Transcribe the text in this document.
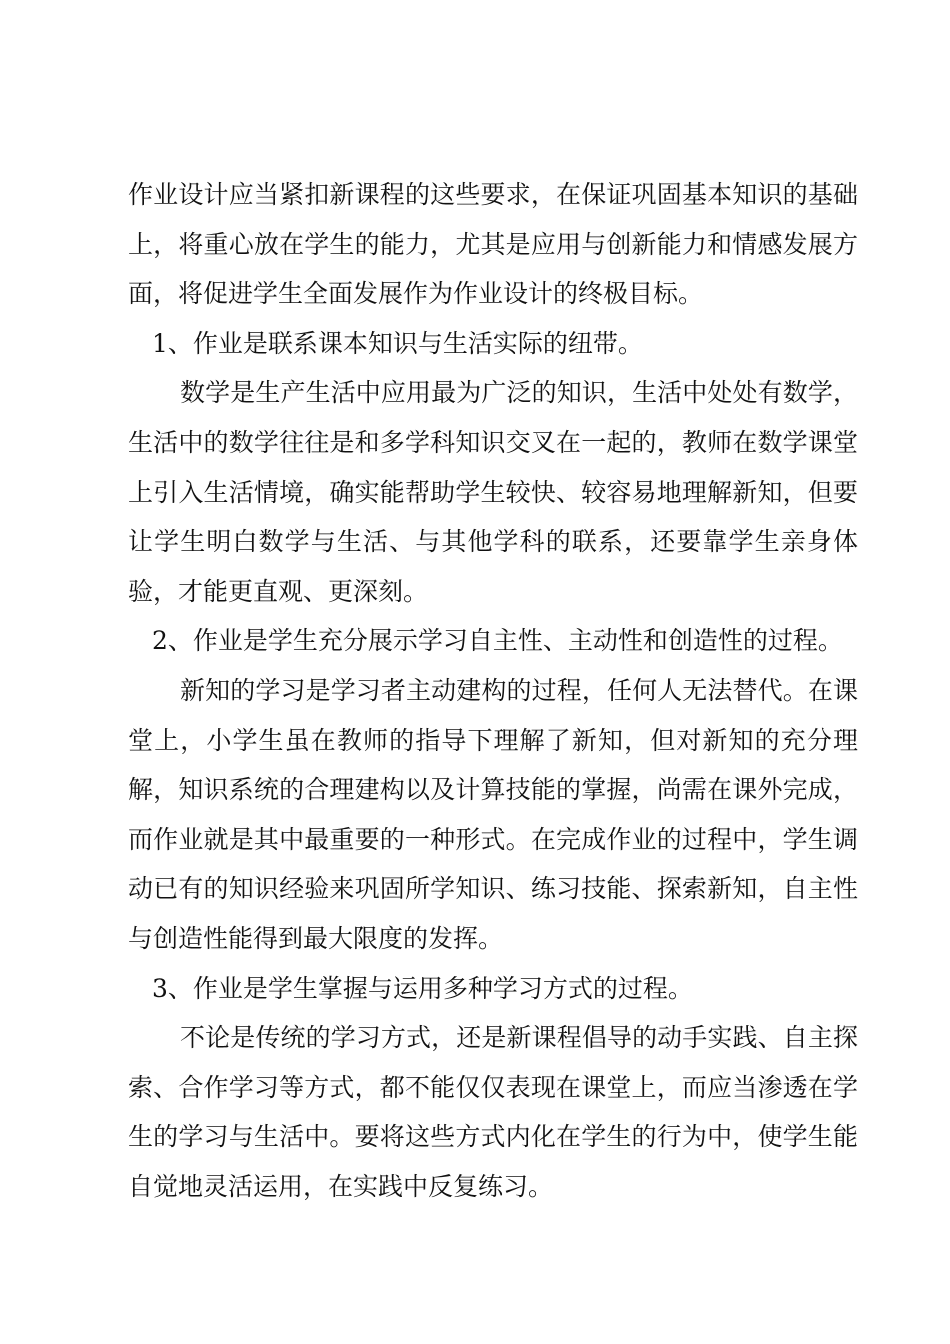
作业设计应当紧扣新课程的这些要求，在保证巩固基本知识的基础上，将重心放在学生的能力，尤其是应用与创新能力和情感发展方面，将促进学生全面发展作为作业设计的终极目标。

1、作业是联系课本知识与生活实际的纽带。

数学是生产生活中应用最为广泛的知识，生活中处处有数学，生活中的数学往往是和多学科知识交叉在一起的，教师在数学课堂上引入生活情境，确实能帮助学生较快、较容易地理解新知，但要让学生明白数学与生活、与其他学科的联系，还要靠学生亲身体验，才能更直观、更深刻。

2、作业是学生充分展示学习自主性、主动性和创造性的过程。

新知的学习是学习者主动建构的过程，任何人无法替代。在课堂上，小学生虽在教师的指导下理解了新知，但对新知的充分理解，知识系统的合理建构以及计算技能的掌握，尚需在课外完成，而作业就是其中最重要的一种形式。在完成作业的过程中，学生调动已有的知识经验来巩固所学知识、练习技能、探索新知，自主性与创造性能得到最大限度的发挥。

3、作业是学生掌握与运用多种学习方式的过程。

不论是传统的学习方式，还是新课程倡导的动手实践、自主探索、合作学习等方式，都不能仅仅表现在课堂上，而应当渗透在学生的学习与生活中。要将这些方式内化在学生的行为中，使学生能自觉地灵活运用，在实践中反复练习。
